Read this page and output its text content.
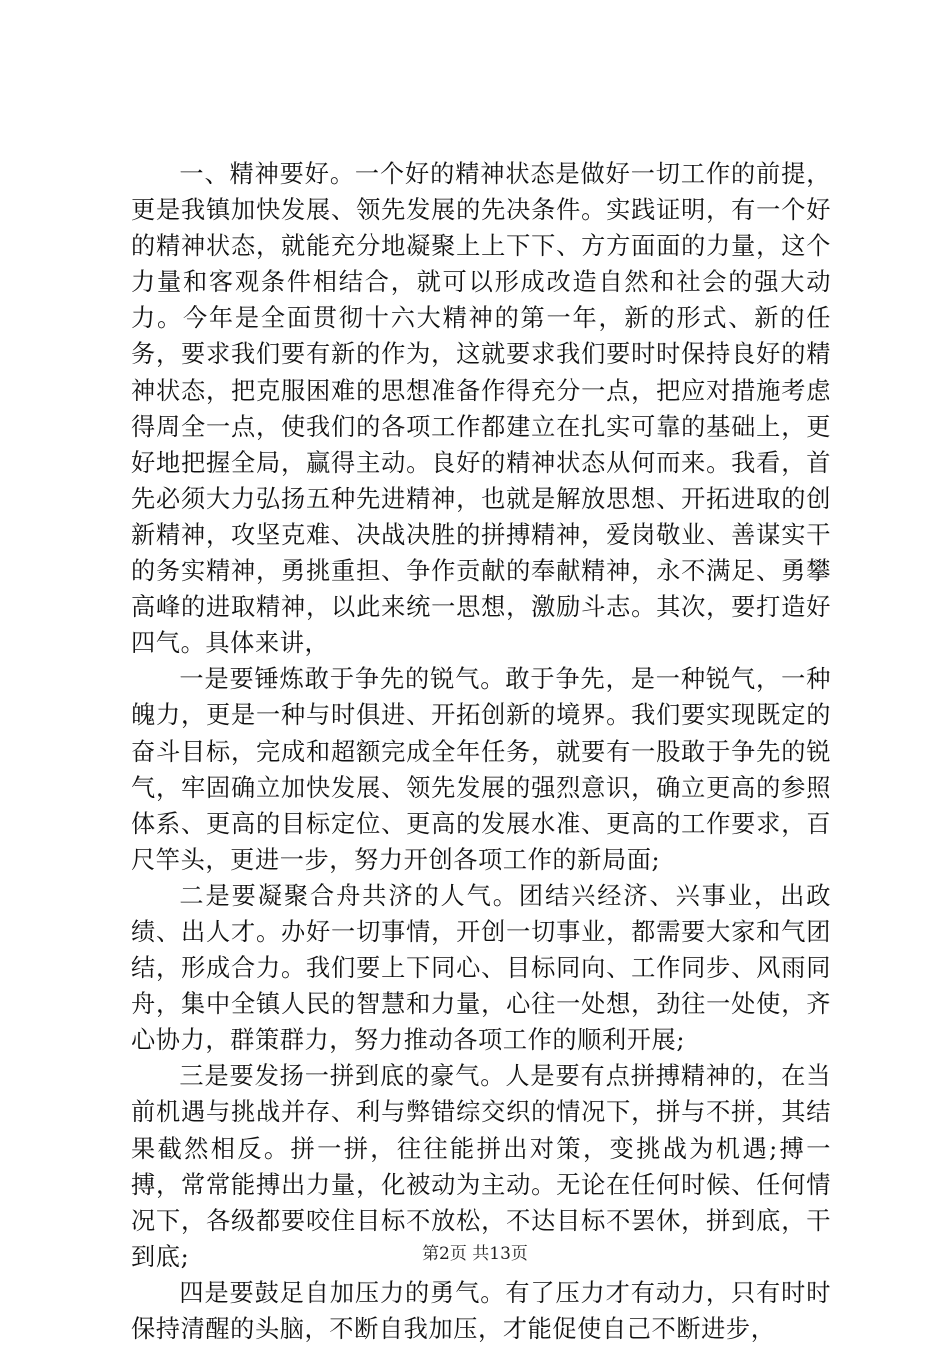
一、精神要好。一个好的精神状态是做好一切工作的前提，更是我镇加快发展、领先发展的先决条件。实践证明，有一个好的精神状态，就能充分地凝聚上上下下、方方面面的力量，这个力量和客观条件相结合，就可以形成改造自然和社会的强大动力。今年是全面贯彻十六大精神的第一年，新的形式、新的任务，要求我们要有新的作为，这就要求我们要时时保持良好的精神状态，把克服困难的思想准备作得充分一点，把应对措施考虑得周全一点，使我们的各项工作都建立在扎实可靠的基础上，更好地把握全局，赢得主动。良好的精神状态从何而来。我看，首先必须大力弘扬五种先进精神，也就是解放思想、开拓进取的创新精神，攻坚克难、决战决胜的拼搏精神，爱岗敬业、善谋实干的务实精神，勇挑重担、争作贡献的奉献精神，永不满足、勇攀高峰的进取精神，以此来统一思想，激励斗志。其次，要打造好四气。具体来讲，

一是要锤炼敢于争先的锐气。敢于争先，是一种锐气，一种魄力，更是一种与时俱进、开拓创新的境界。我们要实现既定的奋斗目标，完成和超额完成全年任务，就要有一股敢于争先的锐气，牢固确立加快发展、领先发展的强烈意识，确立更高的参照体系、更高的目标定位、更高的发展水准、更高的工作要求，百尺竿头，更进一步，努力开创各项工作的新局面;

二是要凝聚合舟共济的人气。团结兴经济、兴事业，出政绩、出人才。办好一切事情，开创一切事业，都需要大家和气团结，形成合力。我们要上下同心、目标同向、工作同步、风雨同舟，集中全镇人民的智慧和力量，心往一处想，劲往一处使，齐心协力，群策群力，努力推动各项工作的顺利开展;

三是要发扬一拼到底的豪气。人是要有点拼搏精神的，在当前机遇与挑战并存、利与弊错综交织的情况下，拼与不拼，其结果截然相反。拼一拼，往往能拼出对策，变挑战为机遇;搏一搏，常常能搏出力量，化被动为主动。无论在任何时候、任何情况下，各级都要咬住目标不放松，不达目标不罢休，拼到底，干到底;

四是要鼓足自加压力的勇气。有了压力才有动力，只有时时保持清醒的头脑，不断自我加压，才能促使自己不断进步，

第2页 共13页
